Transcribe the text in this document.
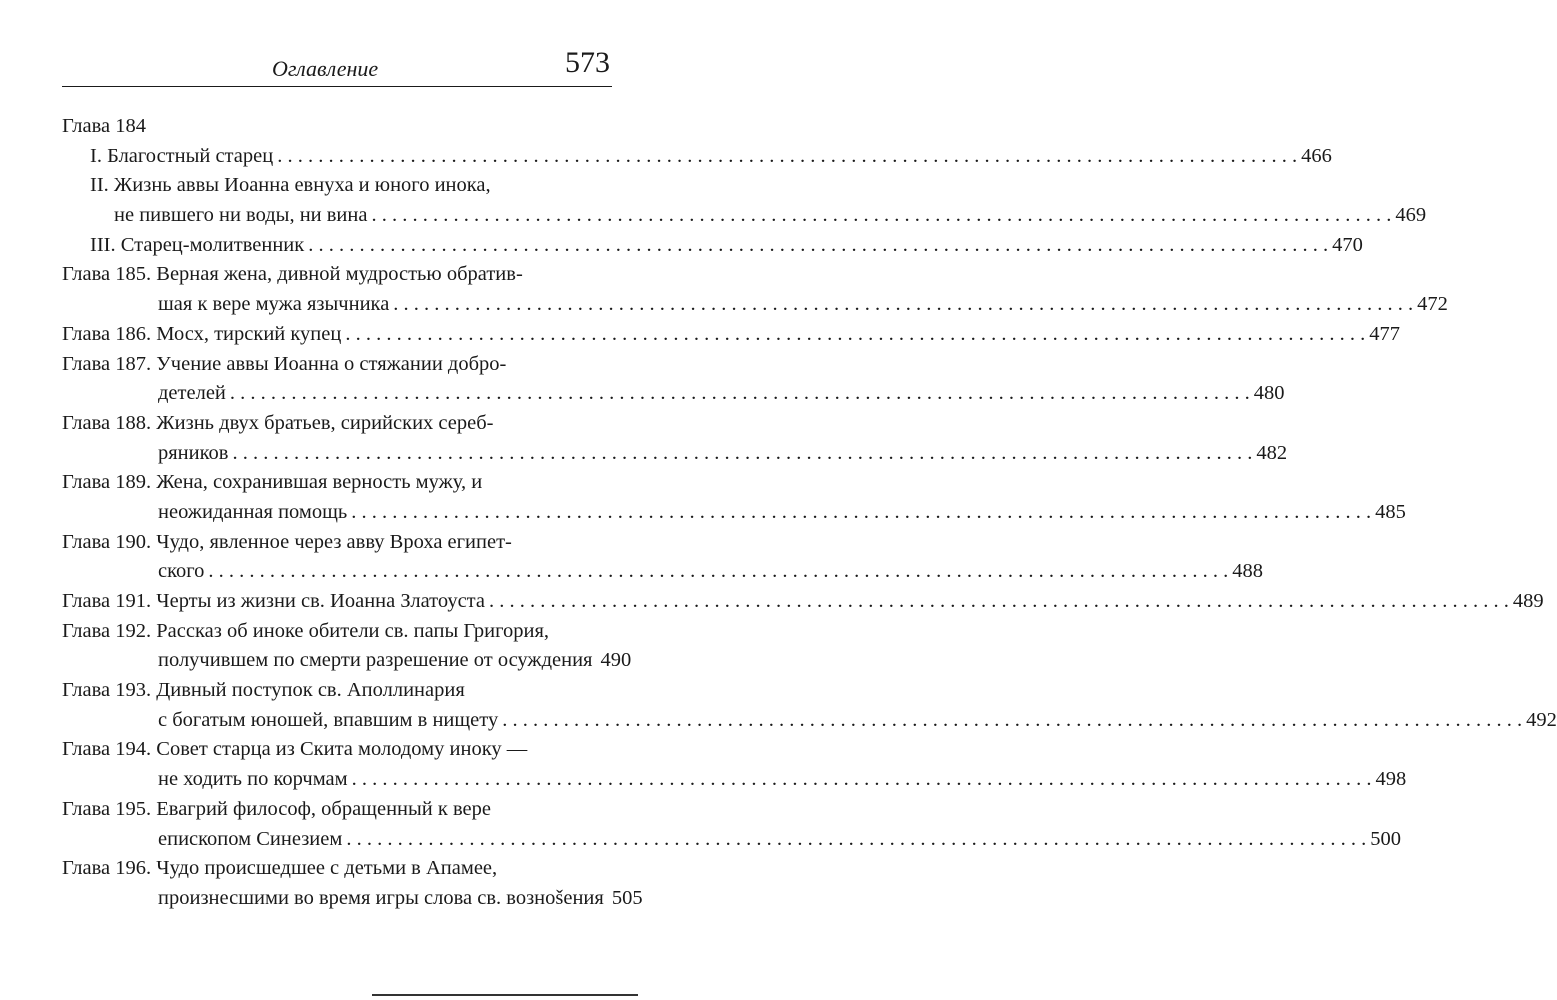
Оглавление	573
Глава 184
I. Благостный старец . . .	466
II. Жизнь аввы Иоанна евнуха и юного инока,
не пившего ни воды, ни вина . . .	469
III. Старец-молитвенник . . .	470
Глава 185. Верная жена, дивной мудростью обратив-
шая к вере мужа язычника . . .	472
Глава 186. Мосх, тирский купец . . .	477
Глава 187. Учение аввы Иоанна о стяжании добро-
детелей . . .	480
Глава 188. Жизнь двух братьев, сирийских сереб-
ряников . . .	482
Глава 189. Жена, сохранившая верность мужу, и
неожиданная помощь . . .	485
Глава 190. Чудо, явленное через авву Вроха египет-
ского . . .	488
Глава 191. Черты из жизни св. Иоанна Златоуста . . .	489
Глава 192. Рассказ об иноке обители св. папы Григория,
получившем по смерти разрешение от осуждения 490
Глава 193. Дивный поступок св. Аполлинария
с богатым юношей, впавшим в нищету . . .	492
Глава 194. Совет старца из Скита молодому иноку —
не ходить по корчмам . . .	498
Глава 195. Евагрий философ, обращенный к вере
епископом Синезием . . .	500
Глава 196. Чудо происшедшее с детьми в Апамее,
произнесшими во время игры слова св. вознošения 505
